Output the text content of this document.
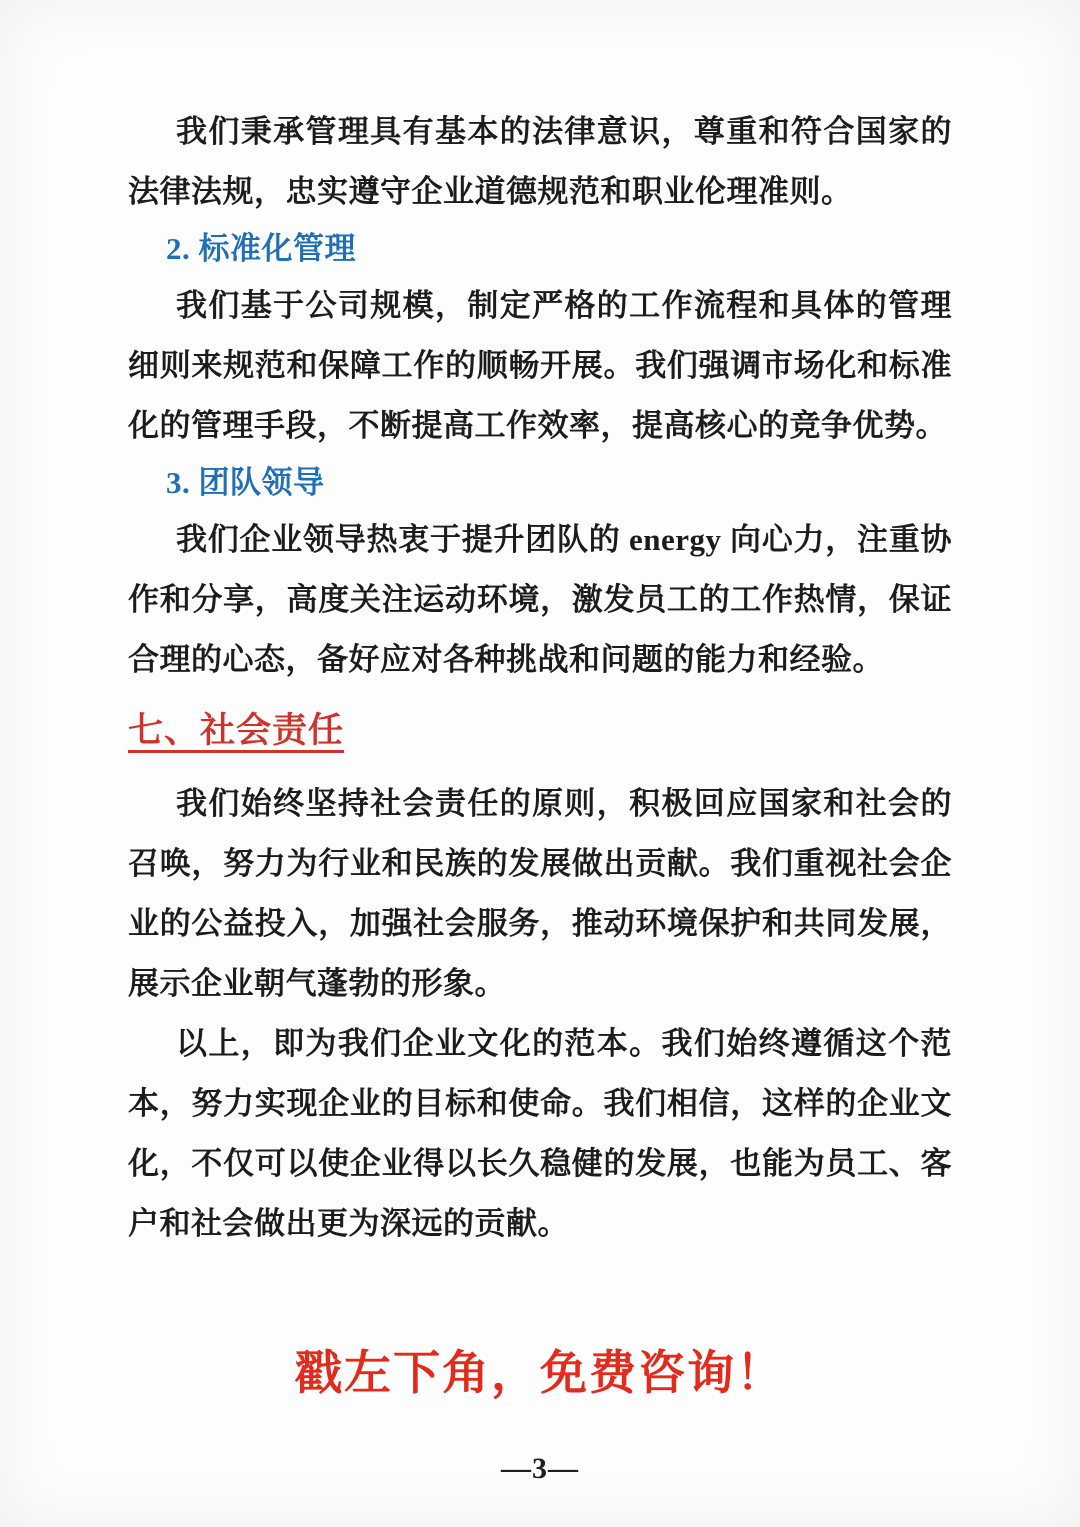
我们秉承管理具有基本的法律意识，尊重和符合国家的法律法规，忠实遵守企业道德规范和职业伦理准则。

2. 标准化管理

我们基于公司规模，制定严格的工作流程和具体的管理细则来规范和保障工作的顺畅开展。我们强调市场化和标准化的管理手段，不断提高工作效率，提高核心的竞争优势。

3. 团队领导

我们企业领导热衷于提升团队的 energy 向心力，注重协作和分享，高度关注运动环境，激发员工的工作热情，保证合理的心态，备好应对各种挑战和问题的能力和经验。

七、社会责任

我们始终坚持社会责任的原则，积极回应国家和社会的召唤，努力为行业和民族的发展做出贡献。我们重视社会企业的公益投入，加强社会服务，推动环境保护和共同发展，展示企业朝气蓬勃的形象。

以上，即为我们企业文化的范本。我们始终遵循这个范本，努力实现企业的目标和使命。我们相信，这样的企业文化，不仅可以使企业得以长久稳健的发展，也能为员工、客户和社会做出更为深远的贡献。

戳左下角，免费咨询！
—3—
